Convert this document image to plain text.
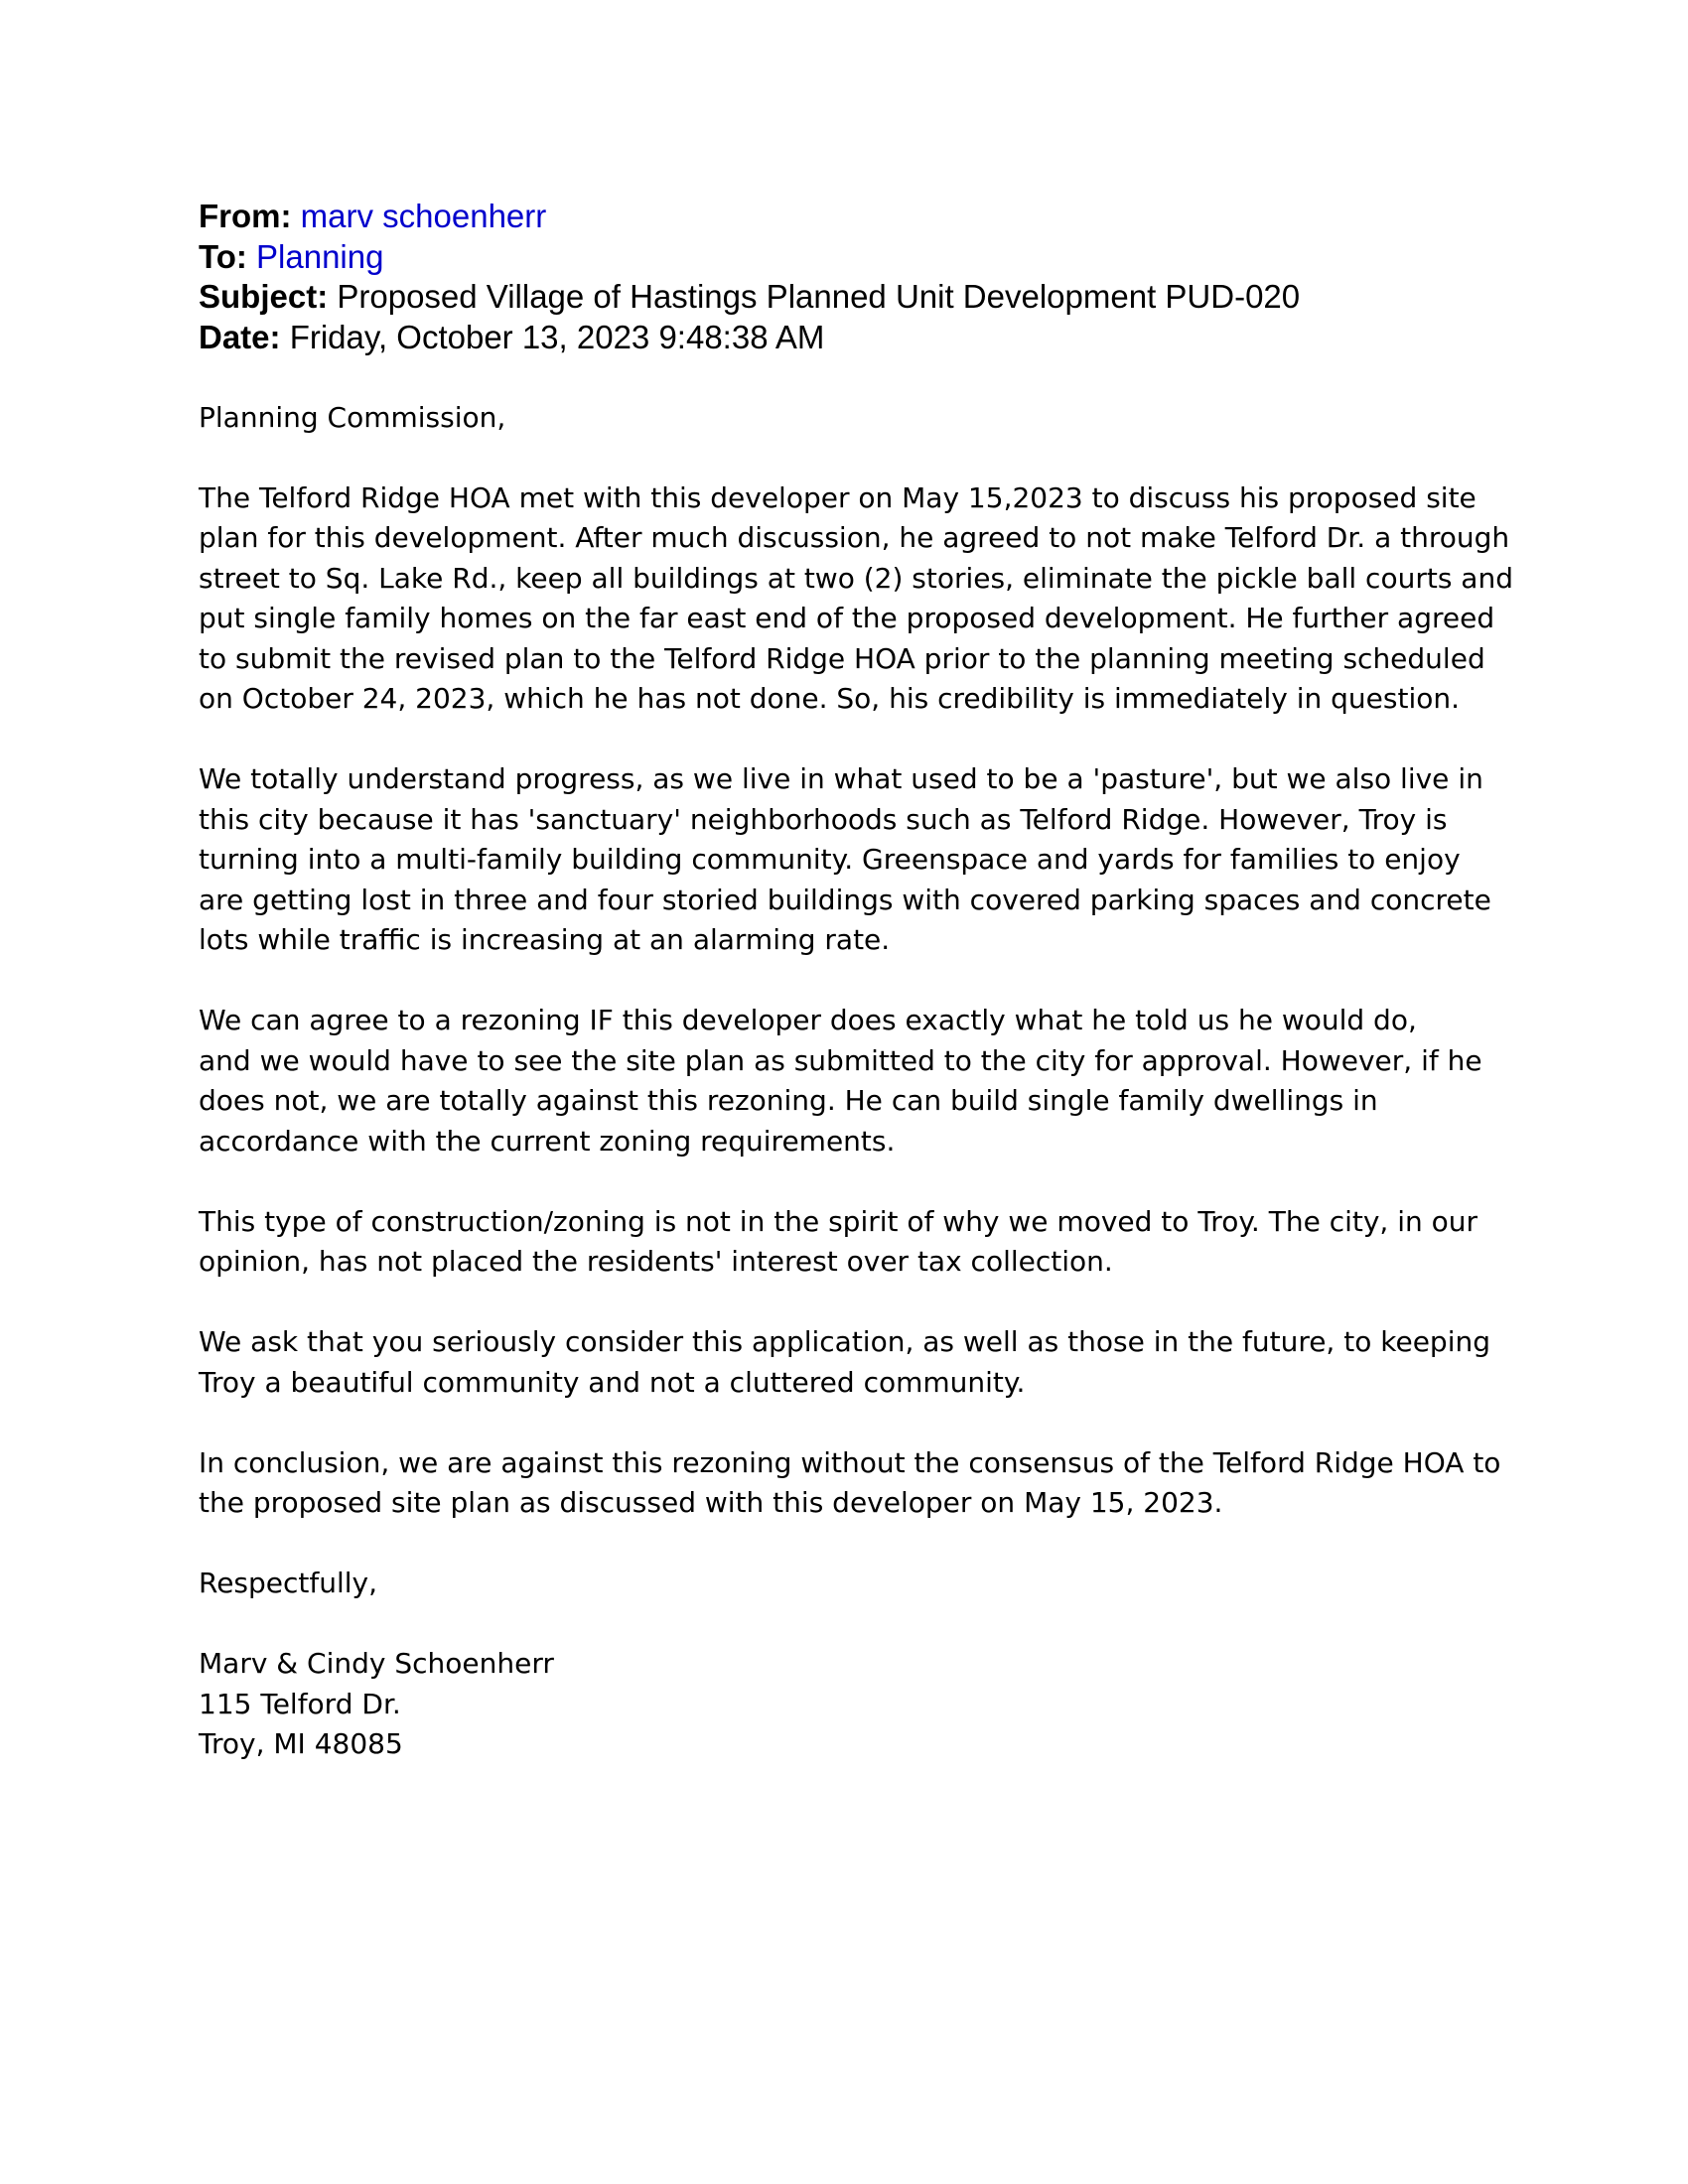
From: marv schoenherr
To: Planning
Subject: Proposed Village of Hastings Planned Unit Development PUD-020
Date: Friday, October 13, 2023 9:48:38 AM

Planning Commission,

The Telford Ridge HOA met with this developer on May 15,2023 to discuss his proposed site
plan for this development. After much discussion, he agreed to not make Telford Dr. a through
street to Sq. Lake Rd., keep all buildings at two (2) stories, eliminate the pickle ball courts and
put single family homes on the far east end of the proposed development. He further agreed
to submit the revised plan to the Telford Ridge HOA prior to the planning meeting scheduled
on October 24, 2023, which he has not done. So, his credibility is immediately in question.

We totally understand progress, as we live in what used to be a 'pasture', but we also live in
this city because it has 'sanctuary' neighborhoods such as Telford Ridge. However, Troy is
turning into a multi-family building community. Greenspace and yards for families to enjoy
are getting lost in three and four storied buildings with covered parking spaces and concrete
lots while traffic is increasing at an alarming rate.

We can agree to a rezoning IF this developer does exactly what he told us he would do,
and we would have to see the site plan as submitted to the city for approval. However, if he
does not, we are totally against this rezoning. He can build single family dwellings in
accordance with the current zoning requirements.

This type of construction/zoning is not in the spirit of why we moved to Troy. The city, in our
opinion, has not placed the residents' interest over tax collection.

We ask that you seriously consider this application, as well as those in the future, to keeping
Troy a beautiful community and not a cluttered community.

In conclusion, we are against this rezoning without the consensus of the Telford Ridge HOA to
the proposed site plan as discussed with this developer on May 15, 2023.

Respectfully,

Marv & Cindy Schoenherr
115 Telford Dr.
Troy, MI 48085
